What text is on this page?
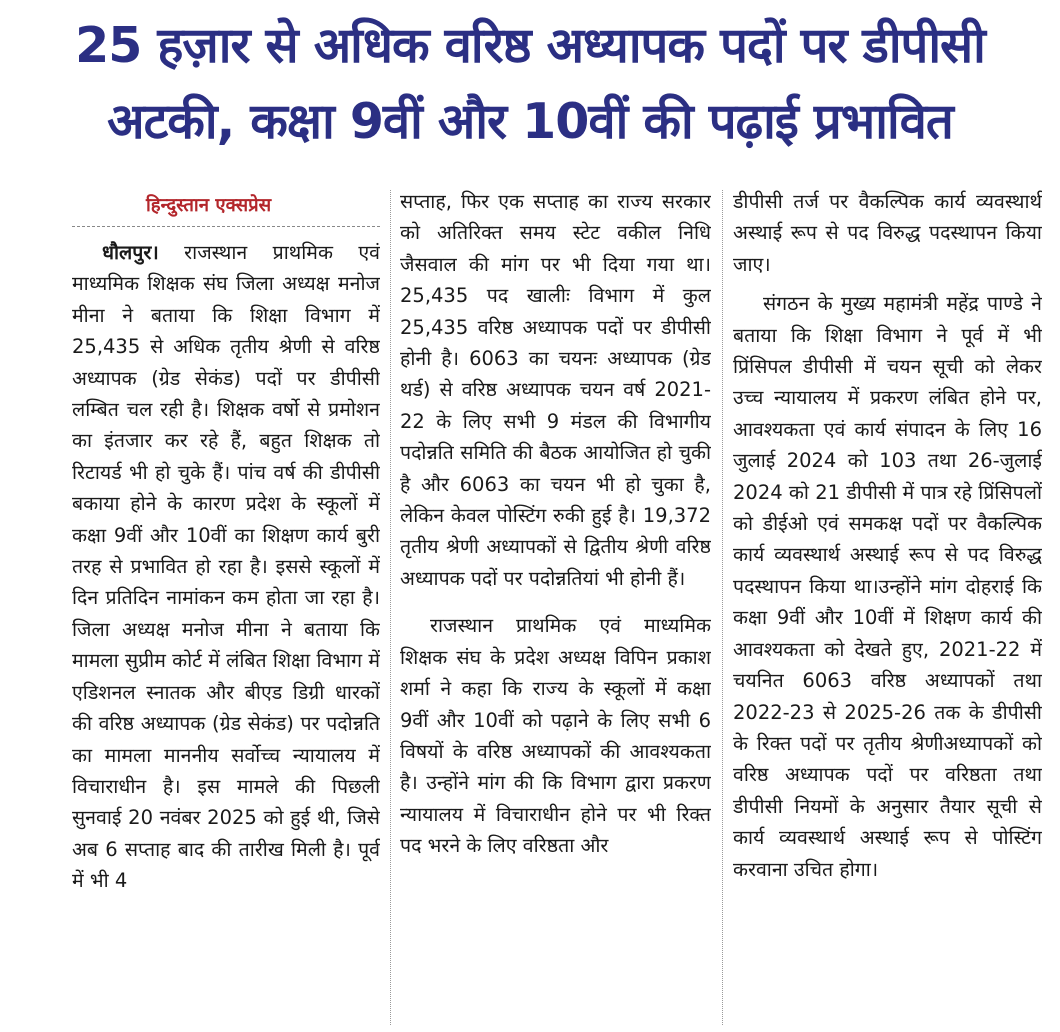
25 हज़ार से अधिक वरिष्ठ अध्यापक पदों पर डीपीसी
अटकी, कक्षा 9वीं और 10वीं की पढ़ाई प्रभावित
हिन्दुस्तान एक्सप्रेस

धौलपुर। राजस्थान प्राथमिक एवं माध्यमिक शिक्षक संघ जिला अध्यक्ष मनोज मीना ने बताया कि शिक्षा विभाग में 25,435 से अधिक तृतीय श्रेणी से वरिष्ठ अध्यापक (ग्रेड सेकंड) पदों पर डीपीसी लम्बित चल रही है। शिक्षक वर्षो से प्रमोशन का इंतजार कर रहे हैं, बहुत शिक्षक तो रिटायर्ड भी हो चुके हैं। पांच वर्ष की डीपीसी बकाया होने के कारण प्रदेश के स्कूलों में कक्षा 9वीं और 10वीं का शिक्षण कार्य बुरी तरह से प्रभावित हो रहा है। इससे स्कूलों में दिन प्रतिदिन नामांकन कम होता जा रहा है। जिला अध्यक्ष मनोज मीना ने बताया कि मामला सुप्रीम कोर्ट में लंबित शिक्षा विभाग में एडिशनल स्नातक और बीएड डिग्री धारकों की वरिष्ठ अध्यापक (ग्रेड सेकंड) पर पदोन्नति का मामला माननीय सर्वोच्च न्यायालय में विचाराधीन है। इस मामले की पिछली सुनवाई 20 नवंबर 2025 को हुई थी, जिसे अब 6 सप्ताह बाद की तारीख मिली है। पूर्व में भी 4

सप्ताह, फिर एक सप्ताह का राज्य सरकार को अतिरिक्त समय स्टेट वकील निधि जैसवाल की मांग पर भी दिया गया था। 25,435 पद खालीः विभाग में कुल 25,435 वरिष्ठ अध्यापक पदों पर डीपीसी होनी है। 6063 का चयनः अध्यापक (ग्रेड थर्ड) से वरिष्ठ अध्यापक चयन वर्ष 2021-22 के लिए सभी 9 मंडल की विभागीय पदोन्नति समिति की बैठक आयोजित हो चुकी है और 6063 का चयन भी हो चुका है, लेकिन केवल पोस्टिंग रुकी हुई है। 19,372 तृतीय श्रेणी अध्यापकों से द्वितीय श्रेणी वरिष्ठ अध्यापक पदों पर पदोन्नतियां भी होनी हैं।

राजस्थान प्राथमिक एवं माध्यमिक शिक्षक संघ के प्रदेश अध्यक्ष विपिन प्रकाश शर्मा ने कहा कि राज्य के स्कूलों में कक्षा 9वीं और 10वीं को पढ़ाने के लिए सभी 6 विषयों के वरिष्ठ अध्यापकों की आवश्यकता है। उन्होंने मांग की कि विभाग द्वारा प्रकरण न्यायालय में विचाराधीन होने पर भी रिक्त पद भरने के लिए वरिष्ठता और

डीपीसी तर्ज पर वैकल्पिक कार्य व्यवस्थार्थ अस्थाई रूप से पद विरुद्ध पदस्थापन किया जाए।

संगठन के मुख्य महामंत्री महेंद्र पाण्डे ने बताया कि शिक्षा विभाग ने पूर्व में भी प्रिंसिपल डीपीसी में चयन सूची को लेकर उच्च न्यायालय में प्रकरण लंबित होने पर, आवश्यकता एवं कार्य संपादन के लिए 16 जुलाई 2024 को 103 तथा 26-जुलाई 2024 को 21 डीपीसी में पात्र रहे प्रिंसिपलों को डीईओ एवं समकक्ष पदों पर वैकल्पिक कार्य व्यवस्थार्थ अस्थाई रूप से पद विरुद्ध पदस्थापन किया था।उन्होंने मांग दोहराई कि कक्षा 9वीं और 10वीं में शिक्षण कार्य की आवश्यकता को देखते हुए, 2021-22 में चयनित 6063 वरिष्ठ अध्यापकों तथा 2022-23 से 2025-26 तक के डीपीसी के रिक्त पदों पर तृतीय श्रेणीअध्यापकों को वरिष्ठ अध्यापक पदों पर वरिष्ठता तथा डीपीसी नियमों के अनुसार तैयार सूची से कार्य व्यवस्थार्थ अस्थाई रूप से पोस्टिंग करवाना उचित होगा।
